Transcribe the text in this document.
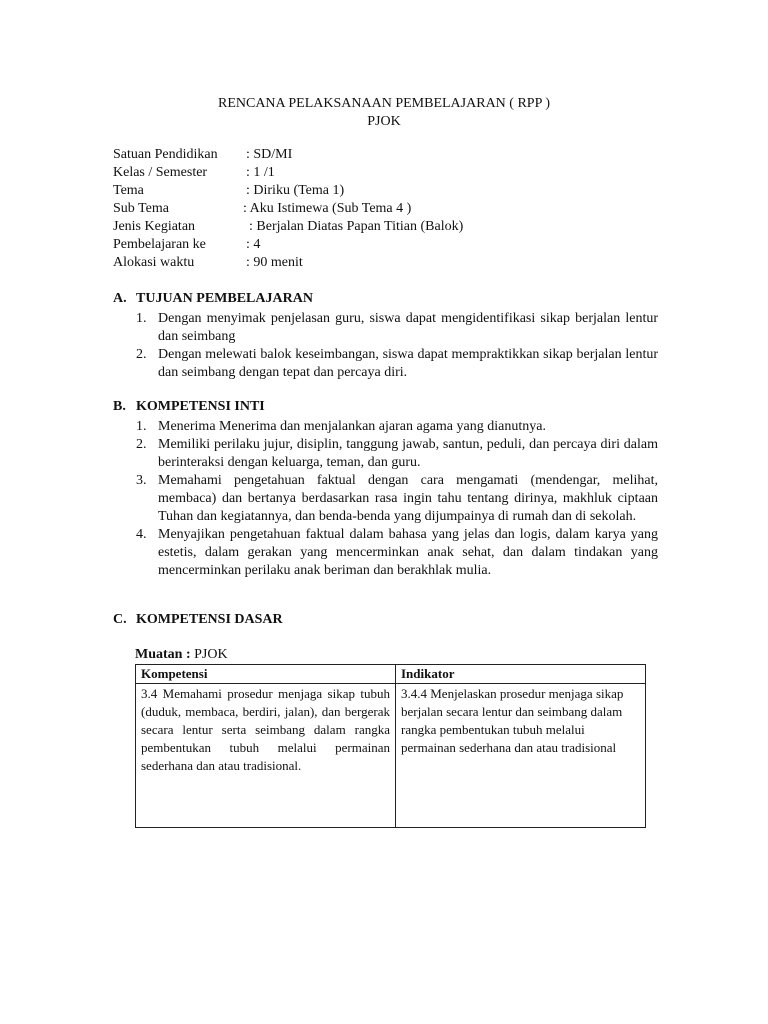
RENCANA PELAKSANAAN PEMBELAJARAN ( RPP )
PJOK
Satuan Pendidikan : SD/MI
Kelas / Semester	: 1 /1
Tema	: Diriku (Tema 1)
Sub Tema	: Aku Istimewa (Sub Tema 4 )
Jenis Kegiatan	: Berjalan Diatas Papan Titian (Balok)
Pembelajaran ke	: 4
Alokasi waktu	: 90 menit
A. TUJUAN PEMBELAJARAN
1. Dengan menyimak penjelasan guru, siswa dapat mengidentifikasi sikap berjalan lentur dan seimbang
2. Dengan melewati balok keseimbangan, siswa dapat mempraktikkan sikap berjalan lentur dan seimbang dengan tepat dan percaya diri.
B. KOMPETENSI INTI
1. Menerima Menerima dan menjalankan ajaran agama yang dianutnya.
2. Memiliki perilaku jujur, disiplin, tanggung jawab, santun, peduli, dan percaya diri dalam berinteraksi dengan keluarga, teman, dan guru.
3. Memahami pengetahuan faktual dengan cara mengamati (mendengar, melihat, membaca) dan bertanya berdasarkan rasa ingin tahu tentang dirinya, makhluk ciptaan Tuhan dan kegiatannya, dan benda-benda yang dijumpainya di rumah dan di sekolah.
4. Menyajikan pengetahuan faktual dalam bahasa yang jelas dan logis, dalam karya yang estetis, dalam gerakan yang mencerminkan anak sehat, dan dalam tindakan yang mencerminkan perilaku anak beriman dan berakhlak mulia.
C. KOMPETENSI DASAR
Muatan : PJOK
Kompetensi	Indikator
3.4 Memahami prosedur menjaga sikap tubuh (duduk, membaca, berdiri, jalan), dan bergerak secara lentur serta seimbang dalam rangka pembentukan tubuh melalui permainan sederhana dan atau tradisional.	3.4.4 Menjelaskan prosedur menjaga sikap berjalan secara lentur dan seimbang dalam rangka pembentukan tubuh melalui permainan sederhana dan atau tradisional
